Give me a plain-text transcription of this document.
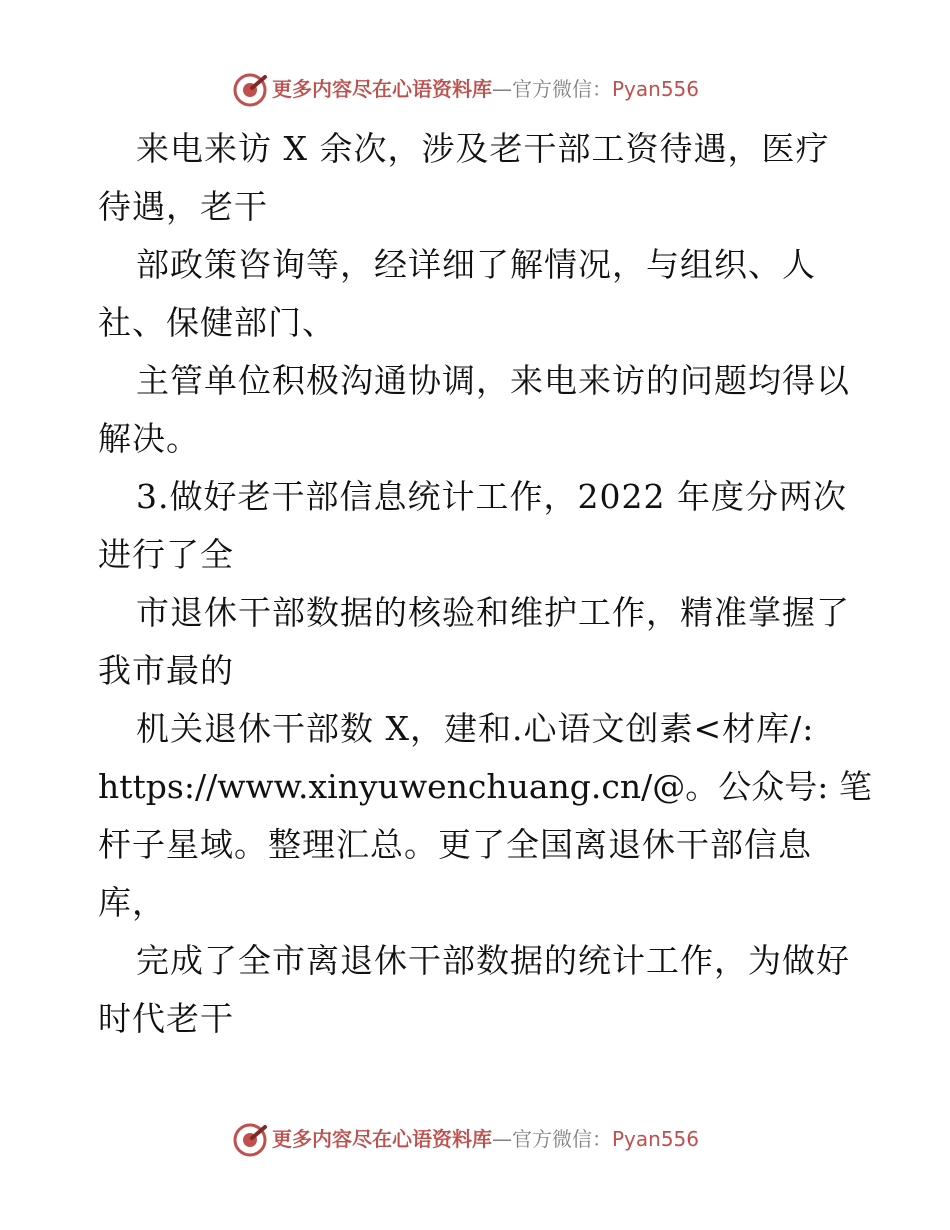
更多内容尽在心语资料库—官方微信：Pyan556
来电来访 X 余次，涉及老干部工资待遇，医疗
待遇，老干
部政策咨询等，经详细了解情况，与组织、人
社、保健部门、
主管单位积极沟通协调，来电来访的问题均得以
解决。
3.做好老干部信息统计工作，2022 年度分两次
进行了全
市退休干部数据的核验和维护工作，精准掌握了
我市最的
机关退休干部数 X，建和.心语文创素<材库/:
https://www.xinyuwenchuang.cn/@。公众号: 笔
杆子星域。整理汇总。更了全国离退休干部信息
库，
完成了全市离退休干部数据的统计工作，为做好
时代老干
更多内容尽在心语资料库—官方微信：Pyan556
